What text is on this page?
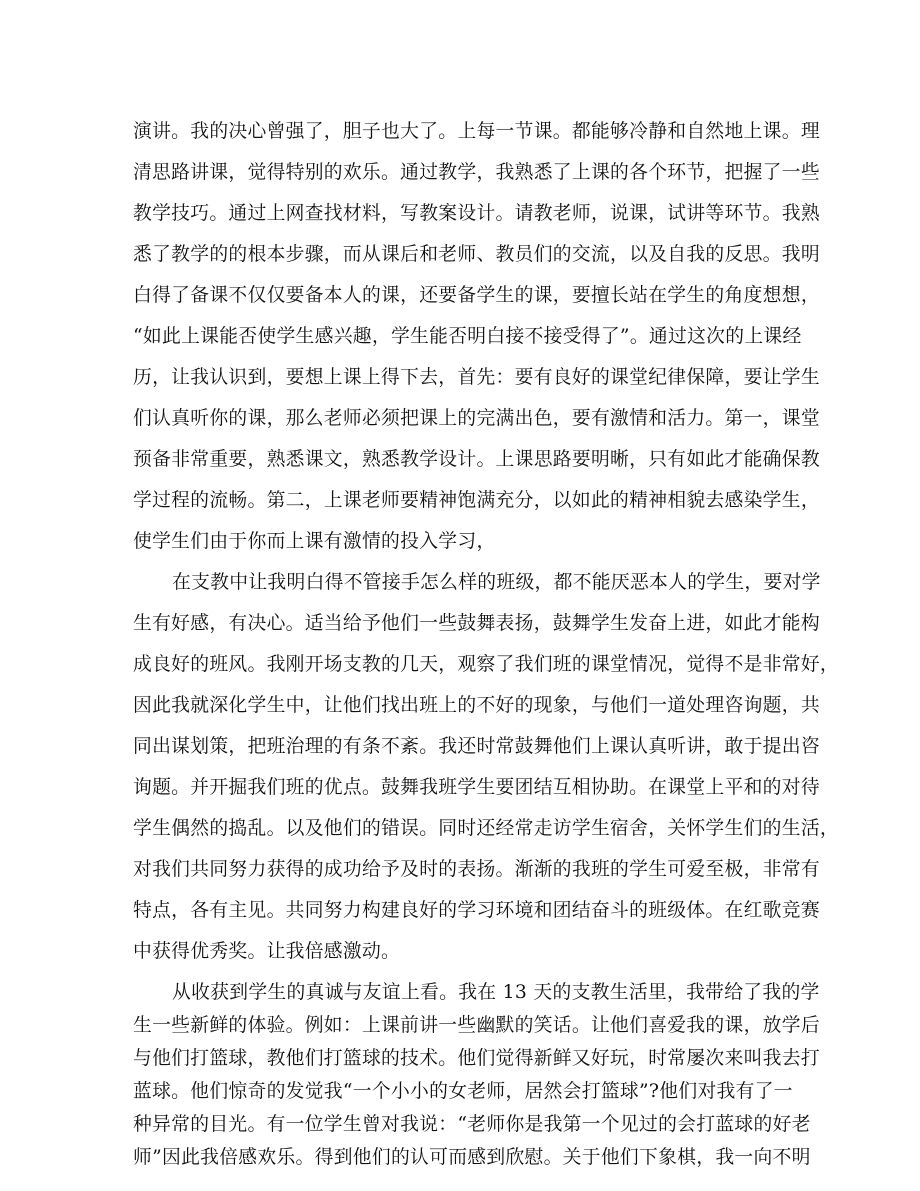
演讲。我的决心曾强了，胆子也大了。上每一节课。都能够冷静和自然地上课。理
清思路讲课，觉得特别的欢乐。通过教学，我熟悉了上课的各个环节，把握了一些
教学技巧。通过上网查找材料，写教案设计。请教老师，说课，试讲等环节。我熟
悉了教学的的根本步骤，而从课后和老师、教员们的交流，以及自我的反思。我明
白得了备课不仅仅要备本人的课，还要备学生的课，要擅长站在学生的角度想想，
“如此上课能否使学生感兴趣，学生能否明白接不接受得了”。通过这次的上课经
历，让我认识到，要想上课上得下去，首先：要有良好的课堂纪律保障，要让学生
们认真听你的课，那么老师必须把课上的完满出色，要有激情和活力。第一，课堂
预备非常重要，熟悉课文，熟悉教学设计。上课思路要明晰，只有如此才能确保教
学过程的流畅。第二，上课老师要精神饱满充分，以如此的精神相貌去感染学生，
使学生们由于你而上课有激情的投入学习，
在支教中让我明白得不管接手怎么样的班级，都不能厌恶本人的学生，要对学
生有好感，有决心。适当给予他们一些鼓舞表扬，鼓舞学生发奋上进，如此才能构
成良好的班风。我刚开场支教的几天，观察了我们班的课堂情况，觉得不是非常好，
因此我就深化学生中，让他们找出班上的不好的现象，与他们一道处理咨询题，共
同出谋划策，把班治理的有条不紊。我还时常鼓舞他们上课认真听讲，敢于提出咨
询题。并开掘我们班的优点。鼓舞我班学生要团结互相协助。在课堂上平和的对待
学生偶然的捣乱。以及他们的错误。同时还经常走访学生宿舍，关怀学生们的生活，
对我们共同努力获得的成功给予及时的表扬。渐渐的我班的学生可爱至极，非常有
特点，各有主见。共同努力构建良好的学习环境和团结奋斗的班级体。在红歌竞赛
中获得优秀奖。让我倍感激动。
从收获到学生的真诚与友谊上看。我在 13 天的支教生活里，我带给了我的学
生一些新鲜的体验。例如：上课前讲一些幽默的笑话。让他们喜爱我的课，放学后
与他们打篮球，教他们打篮球的技术。他们觉得新鲜又好玩，时常屡次来叫我去打
蓝球。他们惊奇的发觉我“一个小小的女老师，居然会打篮球”?他们对我有了一
种异常的目光。有一位学生曾对我说：“老师你是我第一个见过的会打蓝球的好老
师”因此我倍感欢乐。得到他们的认可而感到欣慰。关于他们下象棋，我一向不明
